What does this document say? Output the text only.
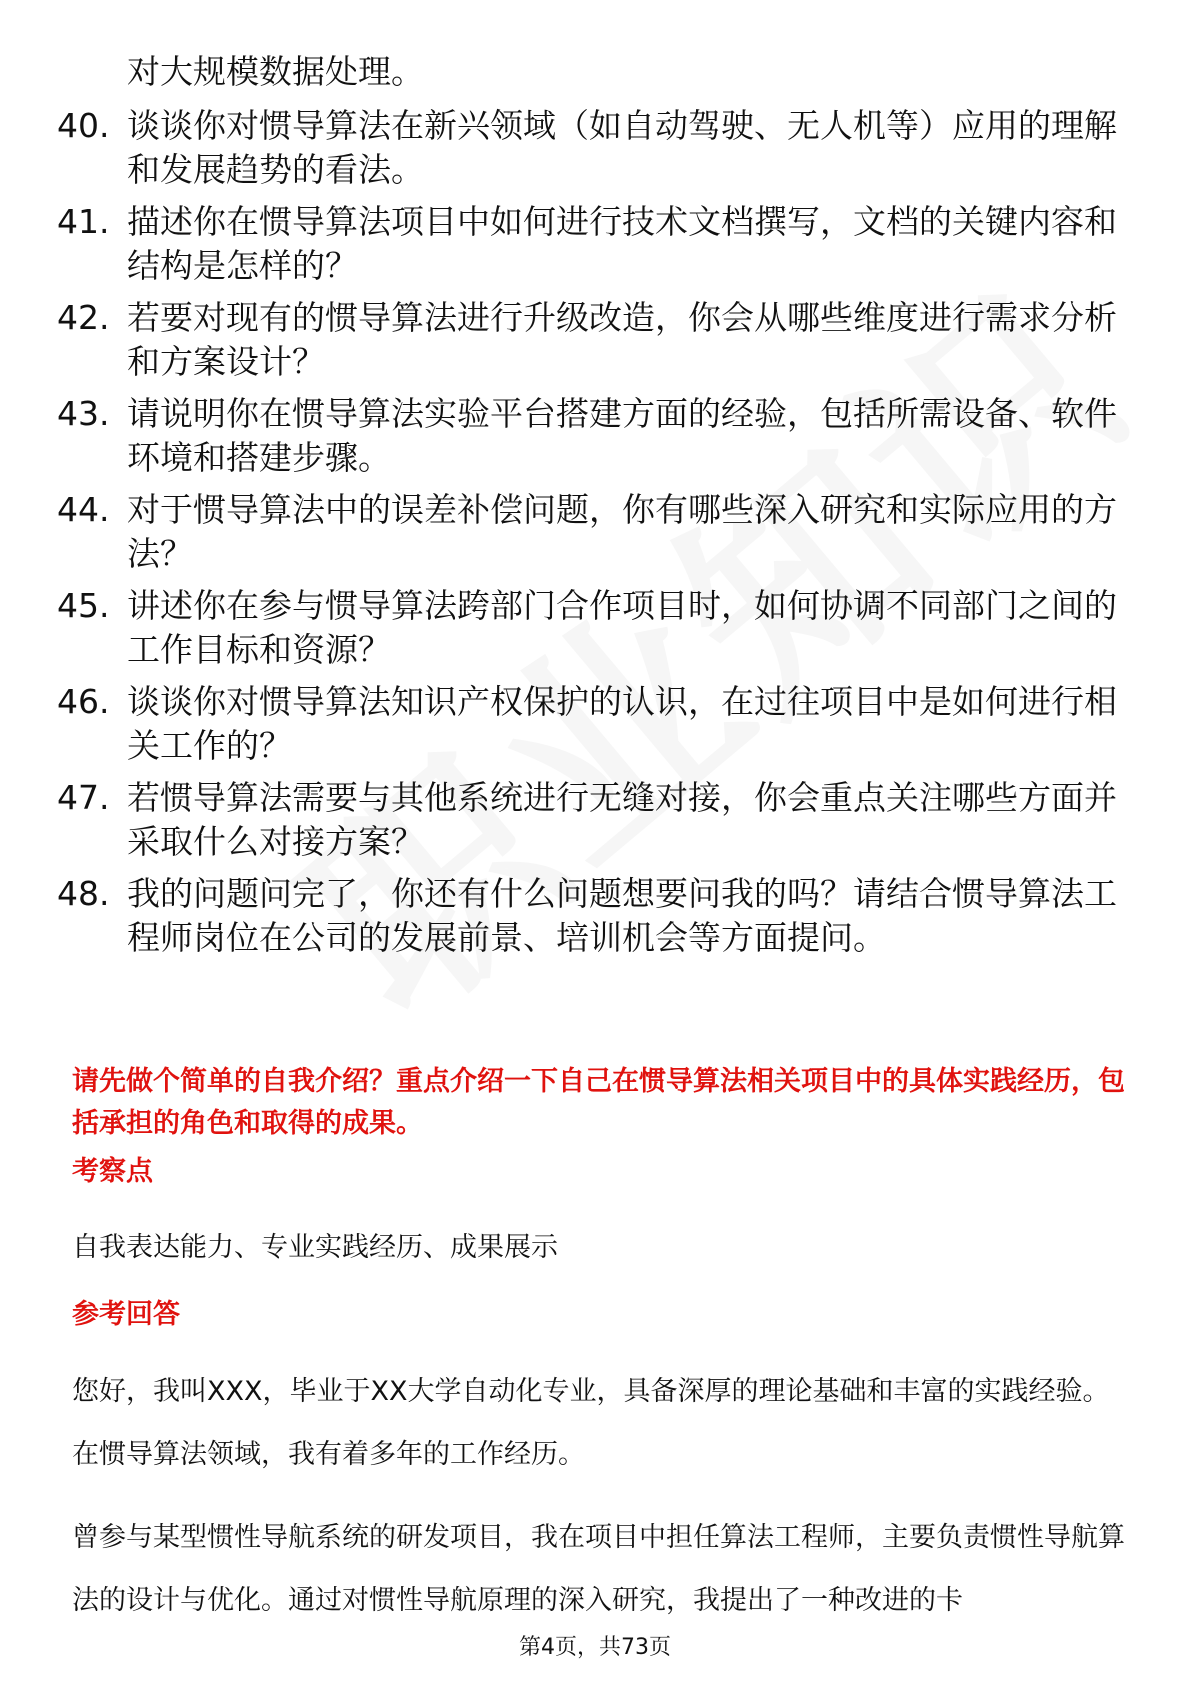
对大规模数据处理。
40. 谈谈你对惯导算法在新兴领域（如自动驾驶、无人机等）应用的理解和发展趋势的看法。
41. 描述你在惯导算法项目中如何进行技术文档撰写，文档的关键内容和结构是怎样的？
42. 若要对现有的惯导算法进行升级改造，你会从哪些维度进行需求分析和方案设计？
43. 请说明你在惯导算法实验平台搭建方面的经验，包括所需设备、软件环境和搭建步骤。
44. 对于惯导算法中的误差补偿问题，你有哪些深入研究和实际应用的方法？
45. 讲述你在参与惯导算法跨部门合作项目时，如何协调不同部门之间的工作目标和资源？
46. 谈谈你对惯导算法知识产权保护的认识，在过往项目中是如何进行相关工作的？
47. 若惯导算法需要与其他系统进行无缝对接，你会重点关注哪些方面并采取什么对接方案？
48. 我的问题问完了，你还有什么问题想要问我的吗？请结合惯导算法工程师岗位在公司的发展前景、培训机会等方面提问。
请先做个简单的自我介绍？重点介绍一下自己在惯导算法相关项目中的具体实践经历，包括承担的角色和取得的成果。
考察点
自我表达能力、专业实践经历、成果展示
参考回答
您好，我叫XXX，毕业于XX大学自动化专业，具备深厚的理论基础和丰富的实践经验。在惯导算法领域，我有着多年的工作经历。
曾参与某型惯性导航系统的研发项目，我在项目中担任算法工程师，主要负责惯性导航算法的设计与优化。通过对惯性导航原理的深入研究，我提出了一种改进的卡
第4页，共73页
